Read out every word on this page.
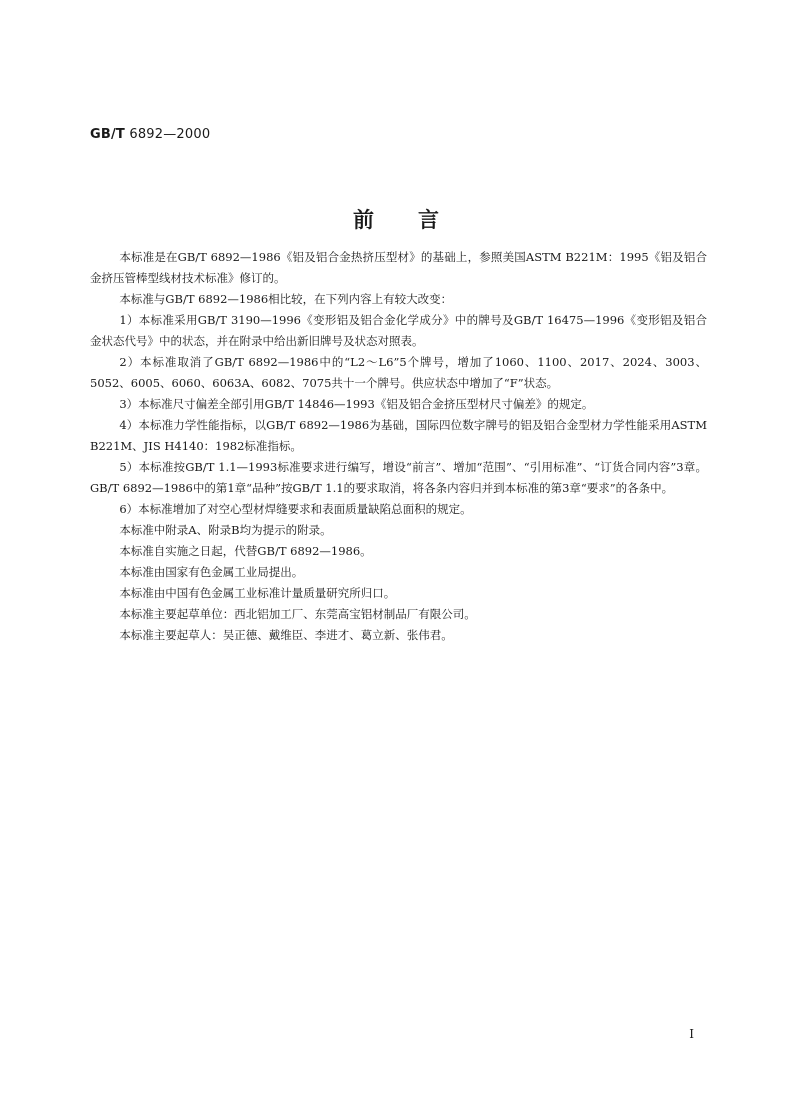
GB/T 6892—2000
前言

本标准是在GB/T 6892—1986《铝及铝合金热挤压型材》的基础上，参照美国ASTM B221M：1995《铝及铝合金挤压管棒型线材技术标准》修订的。

本标准与GB/T 6892—1986相比较，在下列内容上有较大改变：

1）本标准采用GB/T 3190—1996《变形铝及铝合金化学成分》中的牌号及GB/T 16475—1996《变形铝及铝合金状态代号》中的状态，并在附录中给出新旧牌号及状态对照表。

2）本标准取消了GB/T 6892—1986中的“L2～L6”5个牌号，增加了1060、1100、2017、2024、3003、5052、6005、6060、6063A、6082、7075共十一个牌号。供应状态中增加了“F”状态。

3）本标准尺寸偏差全部引用GB/T 14846—1993《铝及铝合金挤压型材尺寸偏差》的规定。

4）本标准力学性能指标，以GB/T 6892—1986为基础，国际四位数字牌号的铝及铝合金型材力学性能采用ASTM B221M、JIS H4140：1982标准指标。

5）本标准按GB/T 1.1—1993标准要求进行编写，增设“前言”、增加“范围”、“引用标准”、“订货合同内容”3章。GB/T 6892—1986中的第1章“品种”按GB/T 1.1的要求取消，将各条内容归并到本标准的第3章“要求”的各条中。

6）本标准增加了对空心型材焊缝要求和表面质量缺陷总面积的规定。

本标准中附录A、附录B均为提示的附录。

本标准自实施之日起，代替GB/T 6892—1986。

本标准由国家有色金属工业局提出。

本标准由中国有色金属工业标准计量质量研究所归口。

本标准主要起草单位：西北铝加工厂、东莞高宝铝材制品厂有限公司。

本标准主要起草人：吴正德、戴维臣、李进才、葛立新、张伟君。

I
